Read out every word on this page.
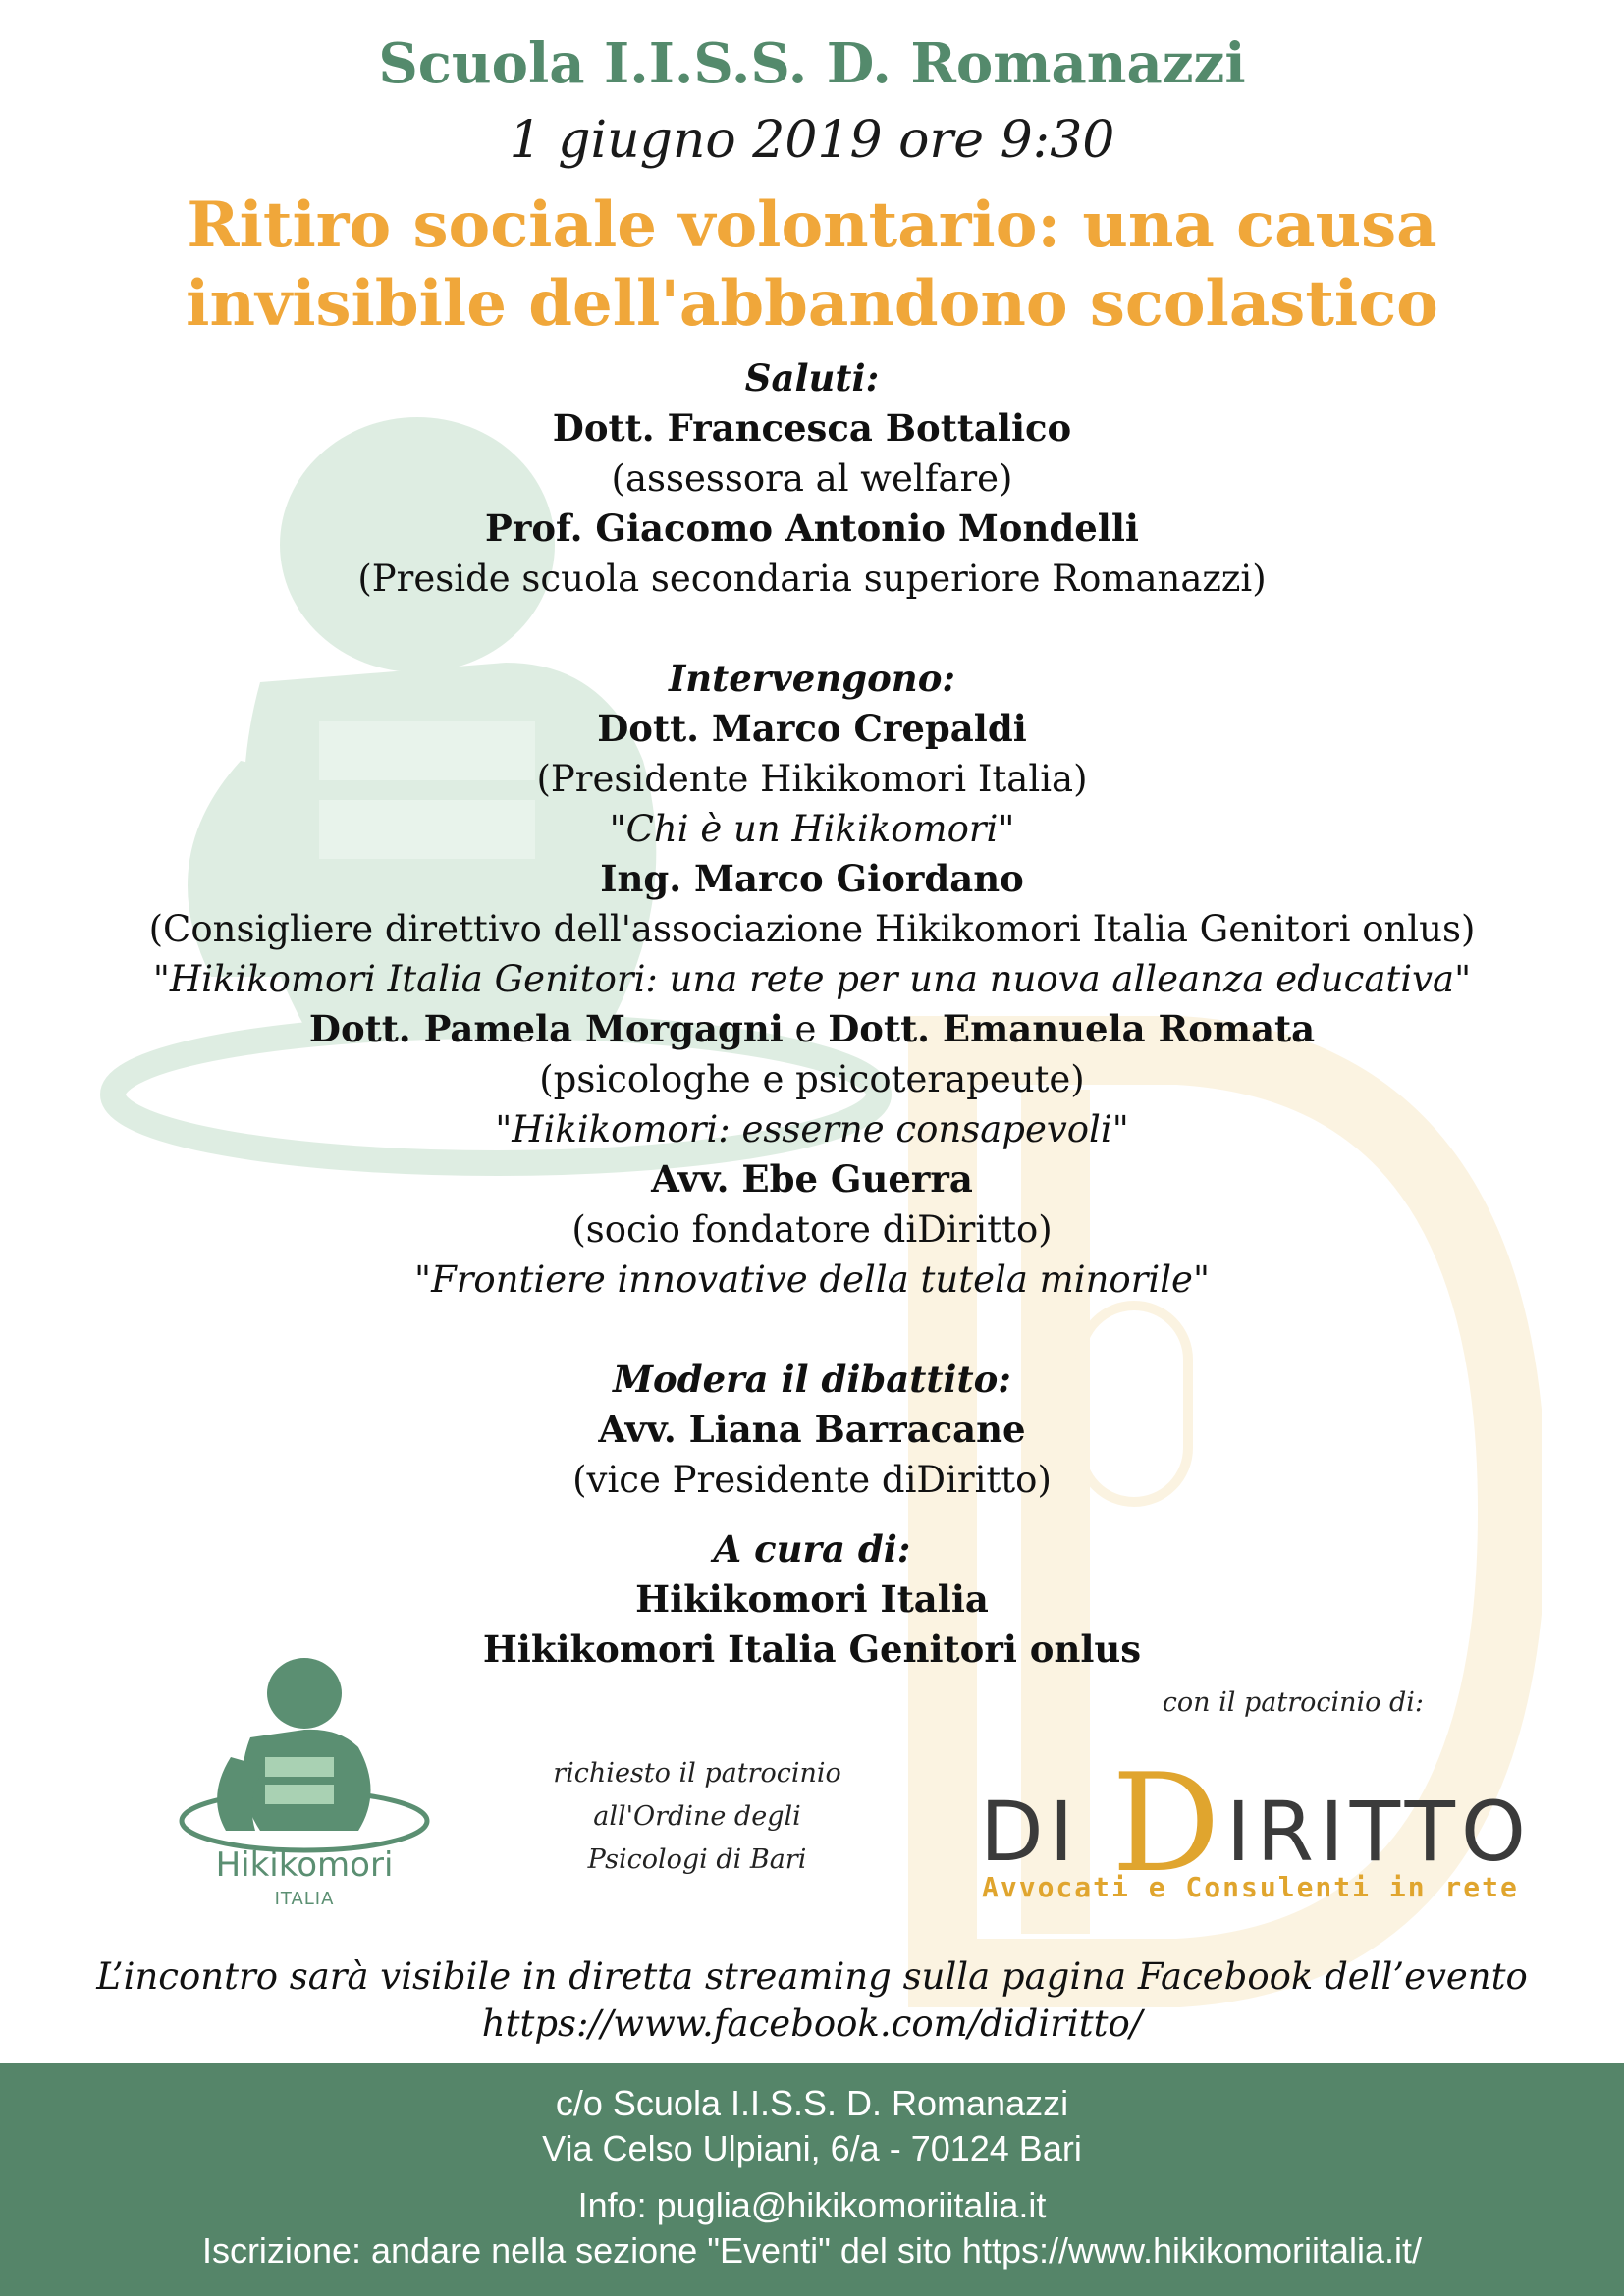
Scuola I.I.S.S. D. Romanazzi
1 giugno 2019 ore 9:30
Ritiro sociale volontario: una causa
invisibile dell'abbandono scolastico
Saluti:
Dott. Francesca Bottalico
(assessora al welfare)
Prof. Giacomo Antonio Mondelli
(Preside scuola secondaria superiore Romanazzi)
Intervengono:
Dott. Marco Crepaldi
(Presidente Hikikomori Italia)
"Chi è un Hikikomori"
Ing. Marco Giordano
(Consigliere direttivo dell'associazione Hikikomori Italia Genitori onlus)
"Hikikomori Italia Genitori: una rete per una nuova alleanza educativa"
Dott. Pamela Morgagni e Dott. Emanuela Romata
(psicologhe e psicoterapeute)
"Hikikomori: esserne consapevoli"
Avv. Ebe Guerra
(socio fondatore diDiritto)
"Frontiere innovative della tutela minorile"
Modera il dibattito:
Avv. Liana Barracane
(vice Presidente diDiritto)
A cura di:
Hikikomori Italia
Hikikomori Italia Genitori onlus
Hikikomori
ITALIA
richiesto il patrocinio
all'Ordine degli
Psicologi di Bari
con il patrocinio di:
DI DIRITTO
Avvocati e Consulenti in rete
L’incontro sarà visibile in diretta streaming sulla pagina Facebook dell’evento
https://www.facebook.com/didiritto/
c/o Scuola I.I.S.S. D. Romanazzi
Via Celso Ulpiani, 6/a - 70124 Bari
Info: puglia@hikikomoriitalia.it
Iscrizione: andare nella sezione "Eventi" del sito https://www.hikikomoriitalia.it/
